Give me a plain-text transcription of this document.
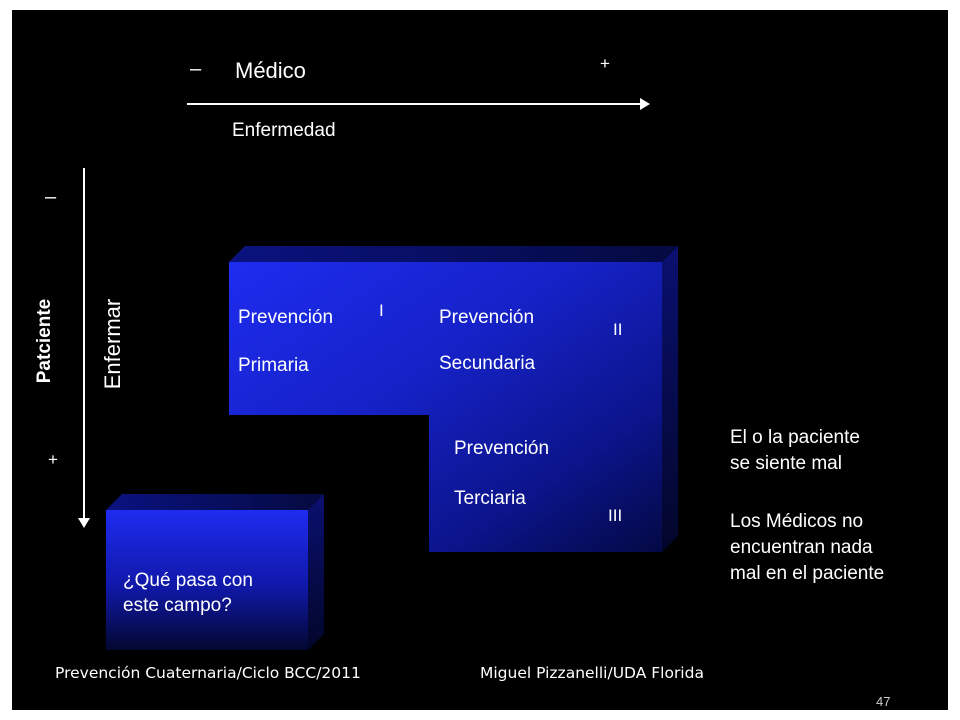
– Médico	+
Enfermedad
–
+
Patciente Enfermar	Prevención	I
Primaria
Prevención
II
Secundaria
Prevención
Terciaria
III
¿Qué pasa con
este campo?
El o la paciente
se siente mal
Los Médicos no
encuentran nada
mal en el paciente
Prevención Cuaternaria/Ciclo BCC/2011	Miguel Pizzanelli/UDA Florida
47
